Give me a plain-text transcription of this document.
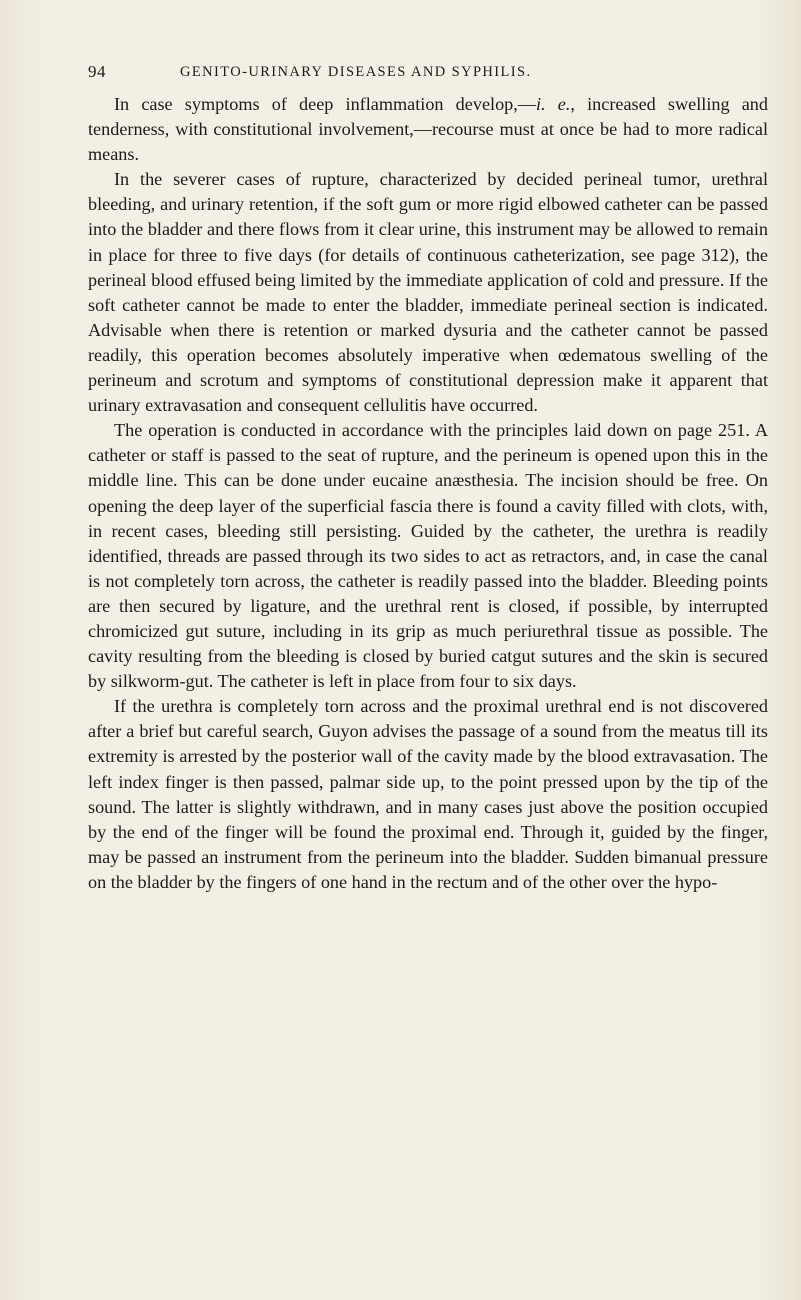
94	GENITO-URINARY DISEASES AND SYPHILIS.

In case symptoms of deep inflammation develop,—i. e., increased swelling and tenderness, with constitutional involvement,—recourse must at once be had to more radical means.

In the severer cases of rupture, characterized by decided perineal tumor, urethral bleeding, and urinary retention, if the soft gum or more rigid elbowed catheter can be passed into the bladder and there flows from it clear urine, this instrument may be allowed to remain in place for three to five days (for details of continuous catheterization, see page 312), the perineal blood effused being limited by the immediate application of cold and pressure. If the soft catheter cannot be made to enter the bladder, immediate perineal section is indicated. Advisable when there is retention or marked dysuria and the catheter cannot be passed readily, this operation becomes absolutely imperative when œdematous swelling of the perineum and scrotum and symptoms of constitutional depression make it apparent that urinary extravasation and consequent cellulitis have occurred.

The operation is conducted in accordance with the principles laid down on page 251. A catheter or staff is passed to the seat of rupture, and the perineum is opened upon this in the middle line. This can be done under eucaine anæsthesia. The incision should be free. On opening the deep layer of the superficial fascia there is found a cavity filled with clots, with, in recent cases, bleeding still persisting. Guided by the catheter, the urethra is readily identified, threads are passed through its two sides to act as retractors, and, in case the canal is not completely torn across, the catheter is readily passed into the bladder. Bleeding points are then secured by ligature, and the urethral rent is closed, if possible, by interrupted chromicized gut suture, including in its grip as much periurethral tissue as possible. The cavity resulting from the bleeding is closed by buried catgut sutures and the skin is secured by silkworm-gut. The catheter is left in place from four to six days.

If the urethra is completely torn across and the proximal urethral end is not discovered after a brief but careful search, Guyon advises the passage of a sound from the meatus till its extremity is arrested by the posterior wall of the cavity made by the blood extravasation. The left index finger is then passed, palmar side up, to the point pressed upon by the tip of the sound. The latter is slightly withdrawn, and in many cases just above the position occupied by the end of the finger will be found the proximal end. Through it, guided by the finger, may be passed an instrument from the perineum into the bladder. Sudden bimanual pressure on the bladder by the fingers of one hand in the rectum and of the other over the hypo-
